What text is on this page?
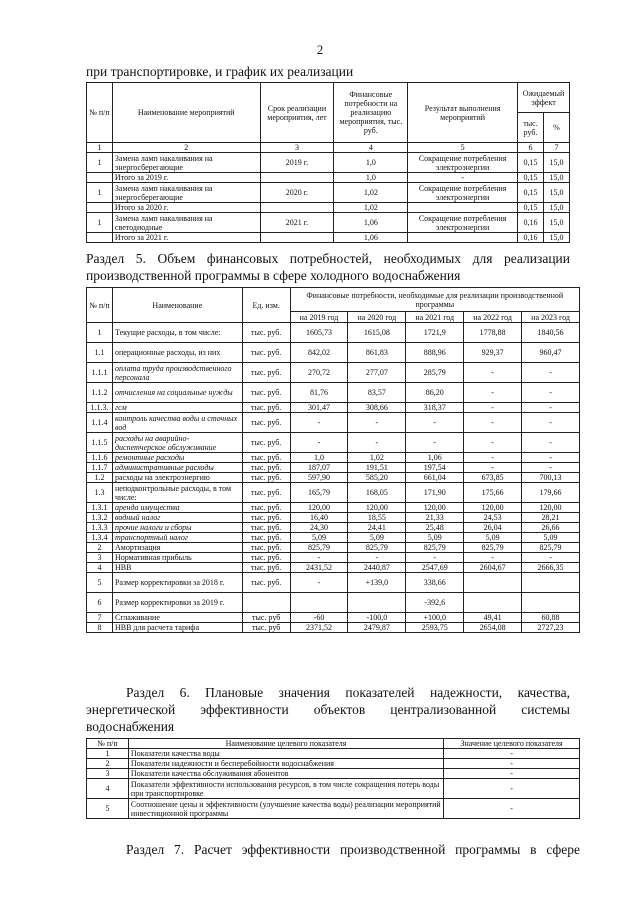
2
при транспортировке, и график их реализации
№ п/п	Наименование мероприятий	Срок реализации мероприятия, лет	Финансовые потребности на реализацию мероприятия, тыс. руб.	Результат выполнения мероприятий	Ожидаемый эффект	
					тыс. руб.	%
1	2	3	4	5	6	7
1	Замена ламп накаливания на энергосберегающие	2019 г.	1,0	Сокращение потребления электроэнергии	0,15	15,0
	Итого за 2019 г.		1,0	-	0,15	15,0
1	Замена ламп накаливания на энергосберегающие	2020 г.	1,02	Сокращение потребления электроэнергии	0,15	15,0
	Итого за 2020 г.		1,02		0,15	15,0
1	Замена ламп накаливания на светодиодные	2021 г.	1,06	Сокращение потребления электроэнергии	0,16	15,0
	Итого за 2021 г.		1,06		0,16	15,0
Раздел 5. Объем финансовых потребностей, необходимых для реализации
производственной программы в сфере холодного водоснабжения
№ п/п	Наименование	Ед. изм.	Финансовые потребности, необходимые для реализации производственной программы				
			на 2019 год	на 2020 год	на 2021 год	на 2022 год	на 2023 год
1	Текущие расходы, в том числе:	тыс. руб.	1605,73	1615,08	1721,9	1778,88	1840,56
1.1	операционные расходы, из них	тыс. руб.	842,02	861,83	888,96	929,37	960,47
1.1.1	оплата труда производственного персонала	тыс. руб.	270,72	277,07	285,79	-	-
1.1.2	отчисления на социальные нужды	тыс. руб.	81,76	83,57	86,20	-	-
1.1.3.	гсм	тыс. руб.	301,47	308,66	318,37	-	-
1.1.4	контроль качества воды и сточных вод	тыс. руб.	-	-	-	-	-
1.1.5	расходы на аварийно-диспетчерское обслуживание	тыс. руб.	-	-	-	-	-
1.1.6	ремонтные расходы	тыс. руб.	1,0	1,02	1,06	-	-
1.1.7	административные расходы	тыс. руб.	187,07	191,51	197,54	-	-
1.2	расходы на электроэнергию	тыс. руб.	597,90	585,20	661,04	673,85	700,13
1.3	неподконтрольные расходы, в том числе:	тыс. руб.	165,79	168,05	171,90	175,66	179,66
1.3.1	аренда имущества	тыс. руб.	120,00	120,00	120,00	120,00	120,00
1.3.2	водный налог	тыс. руб.	16,40	18,55	21,33	24,53	28,21
1.3.3	прочие налоги и сборы	тыс. руб.	24,30	24,41	25,48	26,04	26,66
1.3.4	транспортный налог	тыс. руб.	5,09	5,09	5,09	5,09	5,09
2	Амортизация	тыс. руб.	825,79	825,79	825,79	825,79	825,79
3	Нормативная прибыль	тыс. руб.	-	-	-	-	-
4	НВВ	тыс. руб.	2431,52	2440,87	2547,69	2604,67	2666,35
5	Размер корректировки за 2018 г.	тыс. руб.	-	+139,0	338,66		
6	Размер корректировки за 2019 г.				-392,6		
7	Сглаживание	тыс. руб	-60	-100,0	+100,0	49,41	60,88
8	НВВ для расчета тарифа	тыс. руб	2371,52	2479,87	2593,75	2654,08	2727,23
Раздел 6. Плановые значения показателей надежности, качества,
энергетической эффективности объектов централизованной системы
водоснабжения
№ п/п	Наименование целевого показателя	Значение целевого показателя
1	Показатели качества воды	-
2	Показатели надежности и бесперебойности водоснабжения	-
3	Показатели качества обслуживания абонентов	-
4	Показатели эффективности использования ресурсов, в том числе сокращения потерь воды при транспортировке	-
5	Соотношение цены и эффективности (улучшение качества воды) реализации мероприятий инвестиционной программы	-
Раздел 7. Расчет эффективности производственной программы в сфере
